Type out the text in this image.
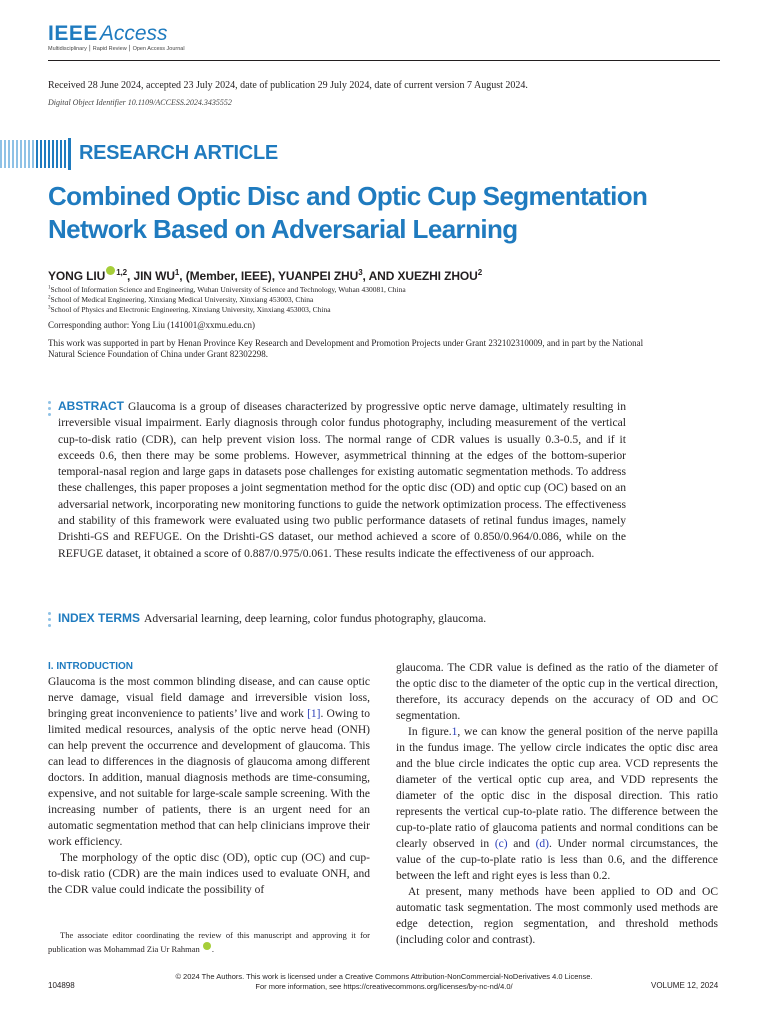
IEEEAccess
Multidisciplinary ⎮ Rapid Review ⎮ Open Access Journal
Received 28 June 2024, accepted 23 July 2024, date of publication 29 July 2024, date of current version 7 August 2024.
Digital Object Identifier 10.1109/ACCESS.2024.3435552
RESEARCH ARTICLE
Combined Optic Disc and Optic Cup Segmentation Network Based on Adversarial Learning
YONG LIU $^{1,2}$, JIN $WU^1$, (Member, IEEE), YUANPEI ZHU$^3$, AND XUEZHI ZHOU$^2$
$^1$School of Information Science and Engineering, Wuhan University of Science and Technology, Wuhan 430081, China
$^2$School of Medical Engineering, Xinxiang Medical University, Xinxiang 453003, China
$^3$School of Physics and Electronic Engineering, Xinxiang University, Xinxiang 453003, China
Corresponding author: Yong Liu (141001@xxmu.edu.cn)
This work was supported in part by Henan Province Key Research and Development and Promotion Projects under Grant 232102310009, and in part by the National Natural Science Foundation of China under Grant 82302298.
ABSTRACT Glaucoma is a group of diseases characterized by progressive optic nerve damage, ultimately resulting in irreversible visual impairment. Early diagnosis through color fundus photography, including measurement of the vertical cup-to-disk ratio (CDR), can help prevent vision loss. The normal range of CDR values is usually 0.3-0.5, and if it exceeds 0.6, then there may be some problems. However, asymmetrical thinning at the edges of the bottom-superior temporal-nasal region and large gaps in datasets pose challenges for existing automatic segmentation methods. To address these challenges, this paper proposes a joint segmentation method for the optic disc (OD) and optic cup (OC) based on an adversarial network, incorporating new monitoring functions to guide the network optimization process. The effectiveness and stability of this framework were evaluated using two public performance datasets of retinal fundus images, namely Drishti-GS and REFUGE. On the Drishti-GS dataset, our method achieved a score of 0.850/0.964/0.086, while on the REFUGE dataset, it obtained a score of 0.887/0.975/0.061. These results indicate the effectiveness of our approach.
INDEX TERMS Adversarial learning, deep learning, color fundus photography, glaucoma.

I. INTRODUCTION

Glaucoma is the most common blinding disease, and can cause optic nerve damage, visual field damage and irreversible vision loss, bringing great inconvenience to patients’ live and work [1]. Owing to limited medical resources, analysis of the optic nerve head (ONH) can help prevent the occurrence and development of glaucoma. This can lead to differences in the diagnosis of glaucoma among different doctors. In addition, manual diagnosis methods are time-consuming, expensive, and not suitable for large-scale sample screening. With the increasing number of patients, there is an urgent need for an automatic segmentation method that can help clinicians improve their work efficiency.

The morphology of the optic disc (OD), optic cup (OC) and cup-to-disk ratio (CDR) are the main indices used to evaluate ONH, and the CDR value could indicate the possibility of

The associate editor coordinating the review of this manuscript and approving it for publication was Mohammad Zia Ur Rahman .

glaucoma. The CDR value is defined as the ratio of the diameter of the optic disc to the diameter of the optic cup in the vertical direction, therefore, its accuracy depends on the accuracy of OD and OC segmentation.

In figure.1, we can know the general position of the nerve papilla in the fundus image. The yellow circle indicates the optic disc area and the blue circle indicates the optic cup area. VCD represents the diameter of the vertical optic cup area, and VDD represents the diameter of the optic disc in the disposal direction. This ratio represents the vertical cup-to-plate ratio. The difference between the cup-to-plate ratio of glaucoma patients and normal conditions can be clearly observed in (c) and (d). Under normal circumstances, the value of the cup-to-plate ratio is less than 0.6, and the difference between the left and right eyes is less than 0.2.

At present, many methods have been applied to OD and OC automatic task segmentation. The most commonly used methods are edge detection, region segmentation, and threshold methods (including color and contrast).

© 2024 The Authors. This work is licensed under a Creative Commons Attribution-NonCommercial-NoDerivatives 4.0 License.
For more information, see https://creativecommons.org/licenses/by-nc-nd/4.0/
104898	VOLUME 12, 2024
